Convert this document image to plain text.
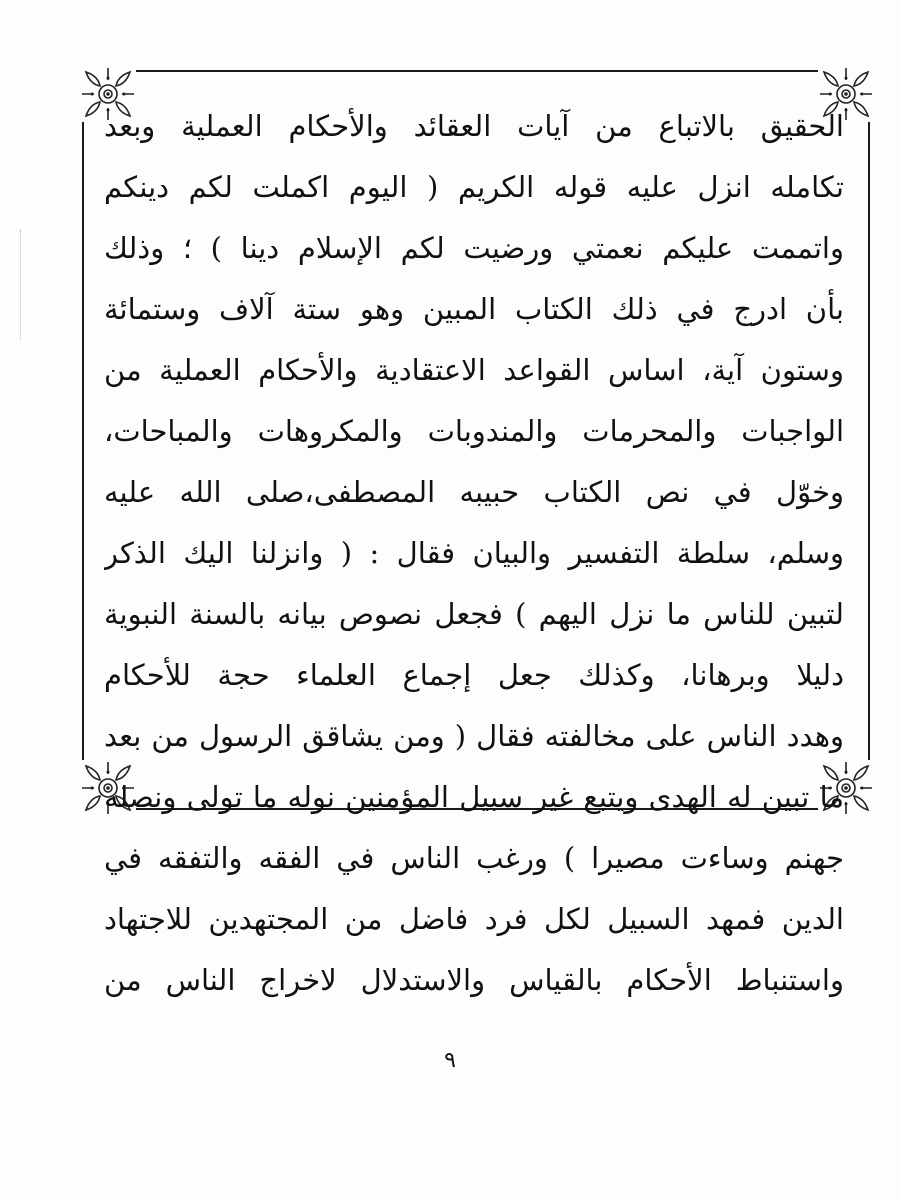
الحقيق بالاتباع من آيات العقائد والأحكام العملية وبعد
تكامله انزل عليه قوله الكريم ( اليوم اكملت لكم دينكم
واتممت عليكم نعمتي ورضيت لكم الإسلام دينا ) ؛ وذلك
بأن ادرج في ذلك الكتاب المبين وهو ستة آلاف وستمائة
وستون آية، اساس القواعد الاعتقادية والأحكام العملية من
الواجبات والمحرمات والمندوبات والمكروهات والمباحات،
وخوّل في نص الكتاب حبيبه المصطفى،صلى الله عليه
وسلم، سلطة التفسير والبيان فقال : ( وانزلنا اليك الذكر
لتبين للناس ما نزل اليهم ) فجعل نصوص بيانه بالسنة النبوية
دليلا وبرهانا، وكذلك جعل إجماع العلماء حجة للأحكام
وهدد الناس على مخالفته فقال ( ومن يشاقق الرسول من بعد
ما تبين له الهدى ويتبع غير سبيل المؤمنين نوله ما تولى ونصله
جهنم وساءت مصيرا ) ورغب الناس في الفقه والتفقه في
الدين فمهد السبيل لكل فرد فاضل من المجتهدين للاجتهاد
واستنباط الأحكام بالقياس والاستدلال لاخراج الناس من
٩
